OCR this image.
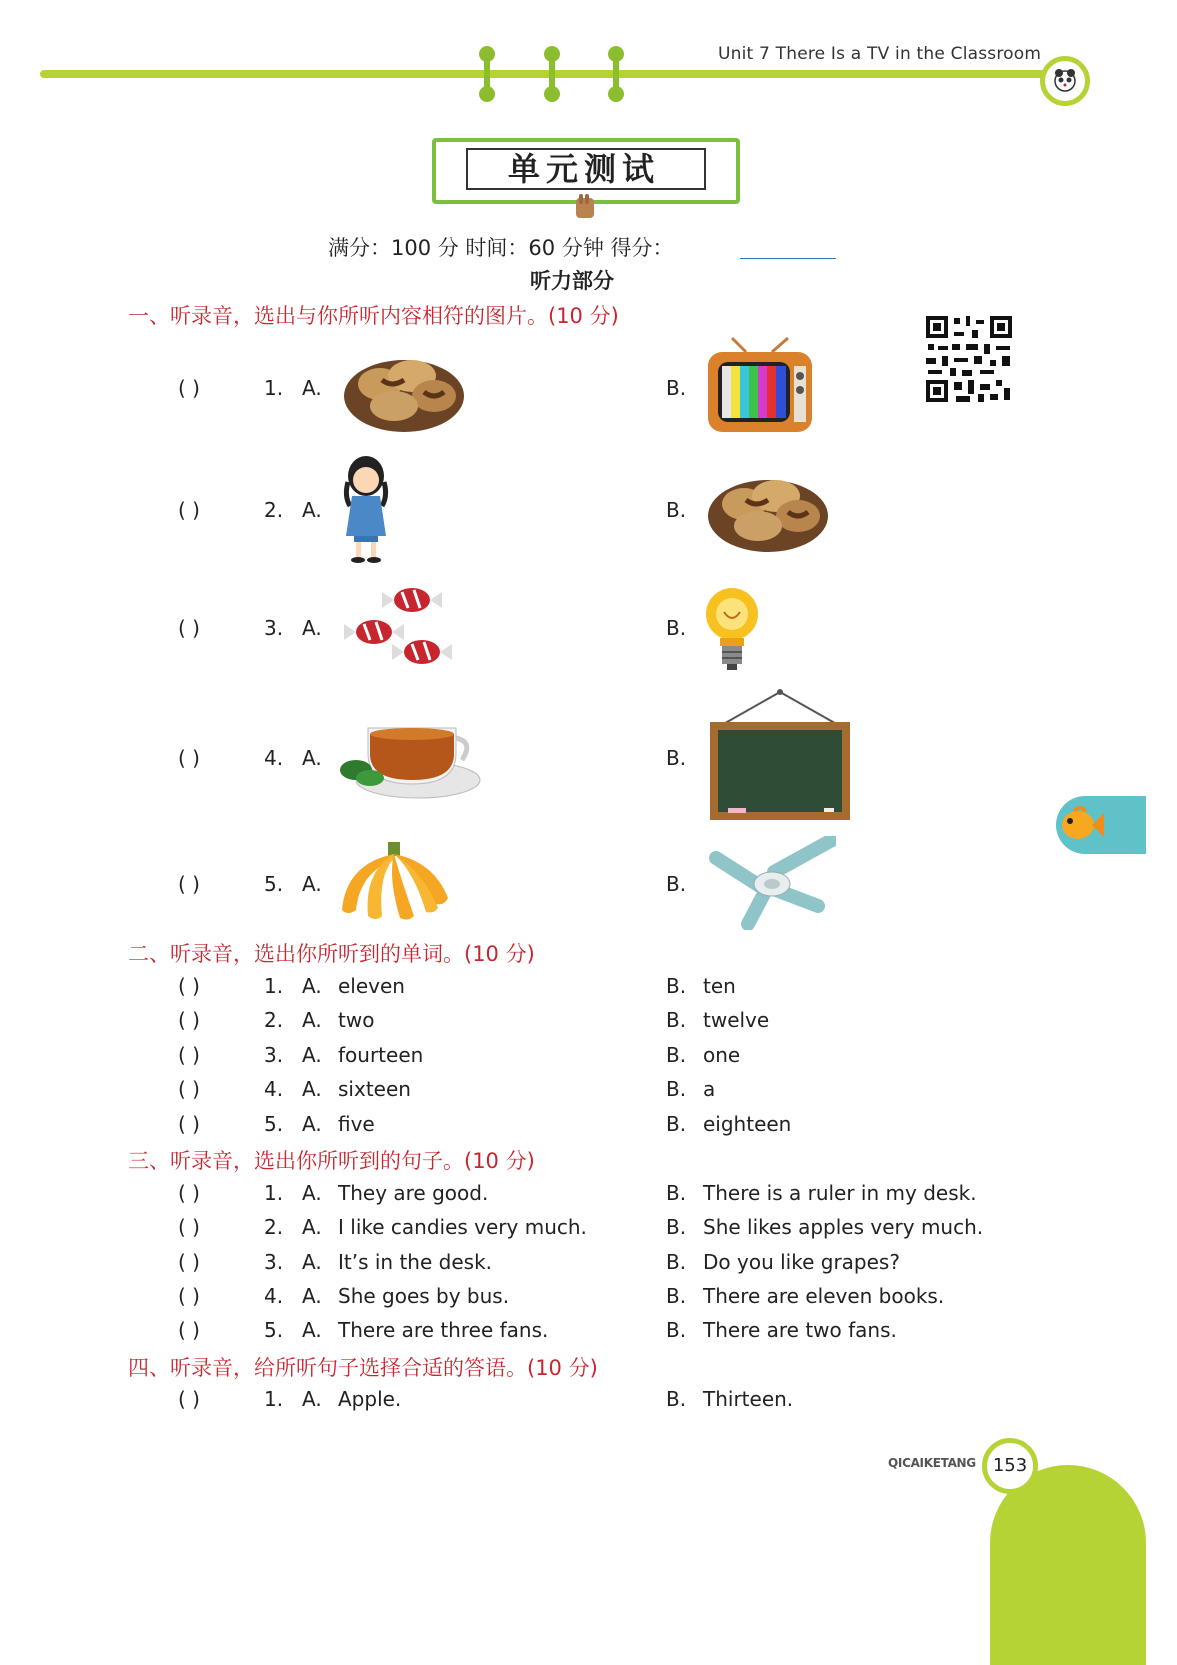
Unit 7 There Is a TV in the Classroom
单元测试
满分：100 分 时间：60 分钟 得分：
听力部分
一、听录音，选出与你所听内容相符的图片。(10 分)
( )	1. A.	B.
( )	2. A.	B.
( )	3. A.	B.
( )	4. A.	B.
( )	5. A.	B.
二、听录音，选出你所听到的单词。(10 分)
( )	1. A. eleven	B. ten
( )	2. A. two	B. twelve
( )	3. A. fourteen	B. one
( )	4. A. sixteen	B. a
( )	5. A. five	B. eighteen
三、听录音，选出你所听到的句子。(10 分)
( )	1. A. They are good.	B. There is a ruler in my desk.
( )	2. A. I like candies very much.	B. She likes apples very much.
( )	3. A. It’s in the desk.	B. Do you like grapes?
( )	4. A. She goes by bus.	B. There are eleven books.
( )	5. A. There are three fans.	B. There are two fans.
四、听录音，给所听句子选择合适的答语。(10 分)
( )	1. A. Apple.	B. Thirteen.
QICAIKETANG 153
